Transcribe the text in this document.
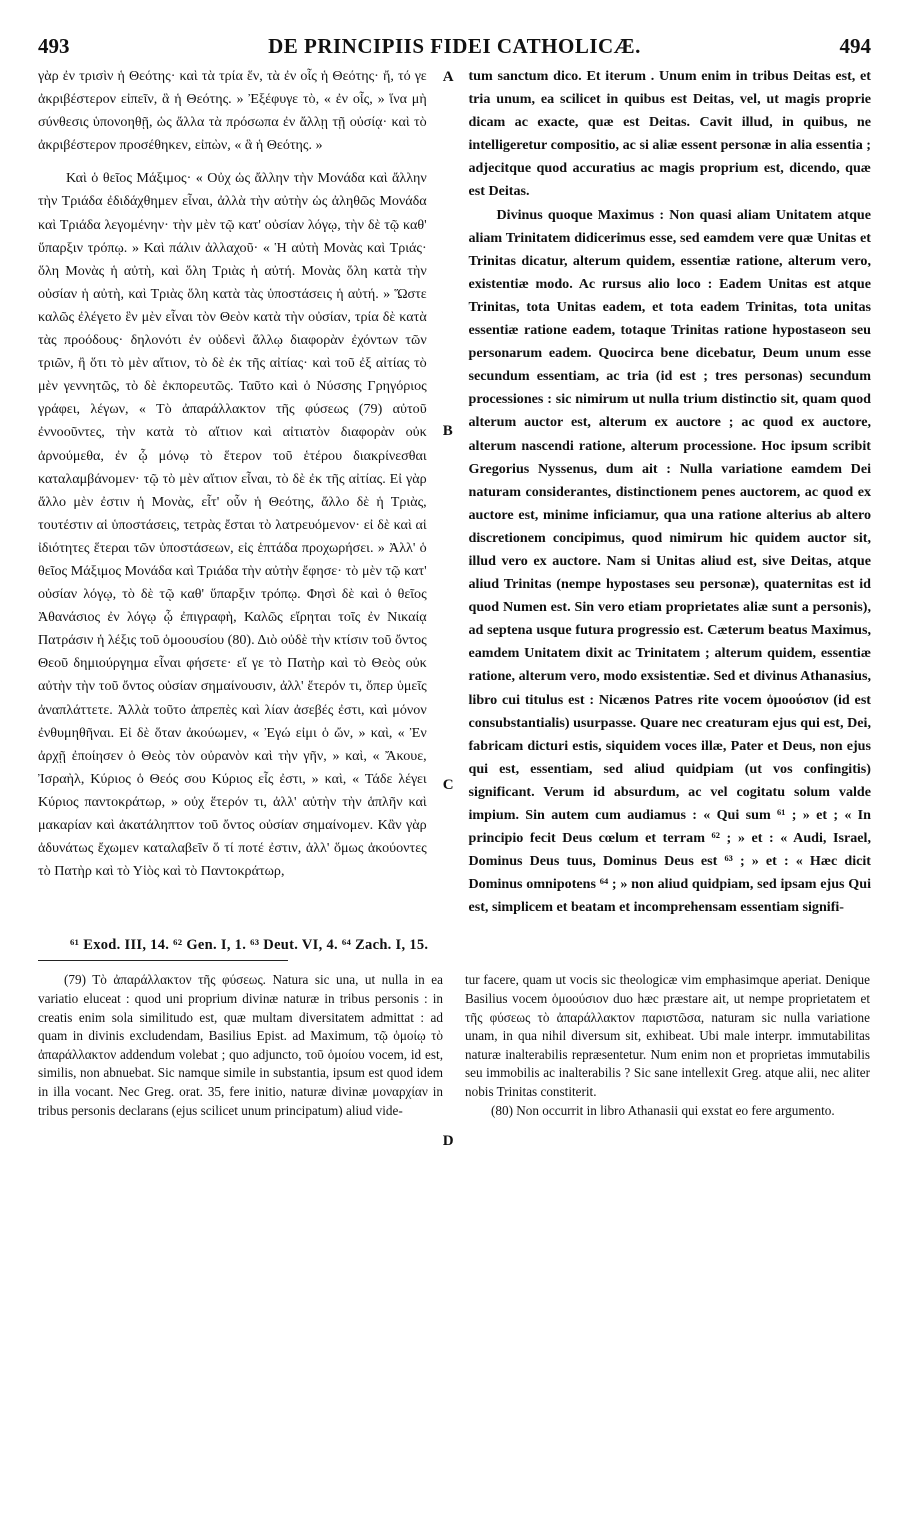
493	DE PRINCIPIIS FIDEI CATHOLICÆ.	494

γὰρ ἐν τρισὶν ἡ Θεότης· καὶ τὰ τρία ἕν, τὰ ἐν οἷς ἡ Θεότης· ἤ, τό γε ἀκριβέστερον εἰπεῖν, ἃ ἡ Θεότης. » Ἐξέφυγε τὸ, « ἐν οἷς, » ἵνα μὴ σύνθεσις ὑπονοηθῇ, ὡς ἄλλα τὰ πρόσωπα ἐν ἄλλῃ τῇ οὐσίᾳ· καὶ τὸ ἀκριβέστερον προσέθηκεν, εἰπὼν, « ἃ ἡ Θεότης. »

Καὶ ὁ θεῖος Μάξιμος· « Οὐχ ὡς ἄλλην τὴν Μονάδα καὶ ἄλλην τὴν Τριάδα ἐδιδάχθημεν εἶναι, ἀλλὰ τὴν αὐτὴν ὡς ἀληθῶς Μονάδα καὶ Τριάδα λεγομένην· τὴν μὲν τῷ κατ' οὐσίαν λόγῳ, τὴν δὲ τῷ καθ' ὕπαρξιν τρόπῳ. » Καὶ πάλιν ἀλλαχοῦ· « Ἡ αὐτὴ Μονὰς καὶ Τριάς· ὅλη Μονὰς ἡ αὐτὴ, καὶ ὅλη Τριὰς ἡ αὐτή. Μονὰς ὅλη κατὰ τὴν οὐσίαν ἡ αὐτὴ, καὶ Τριὰς ὅλη κατὰ τὰς ὑποστάσεις ἡ αὐτή. » Ὥστε καλῶς ἐλέγετο ἓν μὲν εἶναι τὸν Θεὸν κατὰ τὴν οὐσίαν, τρία δὲ κατὰ τὰς προόδους· δηλονότι ἐν οὐδενὶ ἄλλῳ διαφορὰν ἐχόντων τῶν τριῶν, ἢ ὅτι τὸ μὲν αἴτιον, τὸ δὲ ἐκ τῆς αἰτίας· καὶ τοῦ ἐξ αἰτίας τὸ μὲν γεννητῶς, τὸ δὲ ἐκπορευτῶς. Ταῦτο καὶ ὁ Νύσσης Γρηγόριος γράφει, λέγων, « Τὸ ἀπαράλλακτον τῆς φύσεως (79) αὐτοῦ ἐννοοῦντες, τὴν κατὰ τὸ αἴτιον καὶ αἰτιατὸν διαφορὰν οὐκ ἀρνούμεθα, ἐν ᾧ μόνῳ τὸ ἕτερον τοῦ ἑτέρου διακρίνεσθαι καταλαμβάνομεν· τῷ τὸ μὲν αἴτιον εἶναι, τὸ δὲ ἐκ τῆς αἰτίας. Εἰ γὰρ ἄλλο μὲν ἐστιν ἡ Μονὰς, εἶτ' οὖν ἡ Θεότης, ἄλλο δὲ ἡ Τριὰς, τουτέστιν αἱ ὑποστάσεις, τετρὰς ἔσται τὸ λατρευόμενον· εἰ δὲ καὶ αἱ ἰδιότητες ἕτεραι τῶν ὑποστάσεων, εἰς ἑπτάδα προχωρήσει. » Ἀλλ' ὁ θεῖος Μάξιμος Μονάδα καὶ Τριάδα τὴν αὐτὴν ἔφησε· τὸ μὲν τῷ κατ' οὐσίαν λόγῳ, τὸ δὲ τῷ καθ' ὕπαρξιν τρόπῳ. Φησὶ δὲ καὶ ὁ θεῖος Ἀθανάσιος ἐν λόγῳ ᾧ ἐπιγραφὴ, Καλῶς εἴρηται τοῖς ἐν Νικαίᾳ Πατράσιν ἡ λέξις τοῦ ὁμοουσίου (80). Διὸ οὐδὲ τὴν κτίσιν τοῦ ὄντος Θεοῦ δημιούργημα εἶναι φήσετε· εἴ γε τὸ Πατὴρ καὶ τὸ Θεὸς οὐκ αὐτὴν τὴν τοῦ ὄντος οὐσίαν σημαίνουσιν, ἀλλ' ἕτερόν τι, ὅπερ ὑμεῖς ἀναπλάττετε. Ἀλλὰ τοῦτο ἀπρεπὲς καὶ λίαν ἀσεβές ἐστι, καὶ μόνον ἐνθυμηθῆναι. Εἰ δὲ ὅταν ἀκούωμεν, « Ἐγώ εἰμι ὁ ὤν, » καὶ, « Ἐν ἀρχῇ ἐποίησεν ὁ Θεὸς τὸν οὐρανὸν καὶ τὴν γῆν, » καὶ, « Ἄκουε, Ἰσραὴλ, Κύριος ὁ Θεός σου Κύριος εἷς ἐστι, » καὶ, « Τάδε λέγει Κύριος παντοκράτωρ, » οὐχ ἕτερόν τι, ἀλλ' αὐτὴν τὴν ἁπλῆν καὶ μακαρίαν καὶ ἀκατάληπτον τοῦ ὄντος οὐσίαν σημαίνομεν. Κἂν γὰρ ἀδυνάτως ἔχωμεν καταλαβεῖν ὅ τί ποτέ ἐστιν, ἀλλ' ὅμως ἀκούοντες τὸ Πατὴρ καὶ τὸ Υἱὸς καὶ τὸ Παντοκράτωρ,

A
B
C
D

tum sanctum dico. Et iterum . Unum enim in tribus Deitas est, et tria unum, ea scilicet in quibus est Deitas, vel, ut magis proprie dicam ac exacte, quæ est Deitas. Cavit illud, in quibus, ne intelligeretur compositio, ac si aliæ essent personæ in alia essentia ; adjecitque quod accuratius ac magis proprium est, dicendo, quæ est Deitas.

Divinus quoque Maximus : Non quasi aliam Unitatem atque aliam Trinitatem didicerimus esse, sed eamdem vere quæ Unitas et Trinitas dicatur, alterum quidem, essentiæ ratione, alterum vero, existentiæ modo. Ac rursus alio loco : Eadem Unitas est atque Trinitas, tota Unitas eadem, et tota eadem Trinitas, tota unitas essentiæ ratione eadem, totaque Trinitas ratione hypostaseon seu personarum eadem. Quocirca bene dicebatur, Deum unum esse secundum essentiam, ac tria (id est ; tres personas) secundum processiones : sic nimirum ut nulla trium distinctio sit, quam quod alterum auctor est, alterum ex auctore ; ac quod ex auctore, alterum nascendi ratione, alterum processione. Hoc ipsum scribit Gregorius Nyssenus, dum ait : Nulla variatione eamdem Dei naturam considerantes, distinctionem penes auctorem, ac quod ex auctore est, minime inficiamur, qua una ratione alterius ab altero discretionem concipimus, quod nimirum hic quidem auctor sit, illud vero ex auctore. Nam si Unitas aliud est, sive Deitas, atque aliud Trinitas (nempe hypostases seu personæ), quaternitas est id quod Numen est. Sin vero etiam proprietates aliæ sunt a personis), ad septena usque futura progressio est. Cæterum beatus Maximus, eamdem Unitatem dixit ac Trinitatem ; alterum quidem, essentiæ ratione, alterum vero, modo exsistentiæ. Sed et divinus Athanasius, libro cui titulus est : Nicænos Patres rite vocem ὁμοούσιον (id est consubstantialis) usurpasse. Quare nec creaturam ejus qui est, Dei, fabricam dicturi estis, siquidem voces illæ, Pater et Deus, non ejus qui est, essentiam, sed aliud quidpiam (ut vos confingitis) significant. Verum id absurdum, ac vel cogitatu solum valde impium. Sin autem cum audiamus : « Qui sum ⁶¹ ; » et ; « In principio fecit Deus cœlum et terram ⁶² ; » et : « Audi, Israel, Dominus Deus tuus, Dominus Deus est ⁶³ ; » et : « Hæc dicit Dominus omnipotens ⁶⁴ ; » non aliud quidpiam, sed ipsam ejus Qui est, simplicem et beatam et incomprehensam essentiam signifi-

⁶¹ Exod. III, 14. ⁶² Gen. I, 1. ⁶³ Deut. VI, 4. ⁶⁴ Zach. I, 15.

(79) Τὸ ἀπαράλλακτον τῆς φύσεως. Natura sic una, ut nulla in ea variatio eluceat : quod uni proprium divinæ naturæ in tribus personis : in creatis enim sola similitudo est, quæ multam diversitatem admittat : ad quam in divinis excludendam, Basilius Epist. ad Maximum, τῷ ὁμοίῳ τὸ ἀπαράλλακτον addendum volebat ; quo adjuncto, τοῦ ὁμοίου vocem, id est, similis, non abnuebat. Sic namque simile in substantia, ipsum est quod idem in illa vocant. Nec Greg. orat. 35, fere initio, naturæ divinæ μοναρχίαν in tribus personis declarans (ejus scilicet unum principatum) aliud vide-

tur facere, quam ut vocis sic theologicæ vim emphasimque aperiat. Denique Basilius vocem ὁμοούσιον duo hæc præstare ait, ut nempe proprietatem et τῆς φύσεως τὸ ἀπαράλλακτον παριστῶσα, naturam sic nulla variatione unam, in qua nihil diversum sit, exhibeat. Ubi male interpr. immutabilitas naturæ inalterabilis repræsentetur. Num enim non et proprietas immutabilis seu immobilis ac inalterabilis ? Sic sane intellexit Greg. atque alii, nec aliter nobis Trinitas constiterit.

(80) Non occurrit in libro Athanasii qui exstat eo fere argumento.
